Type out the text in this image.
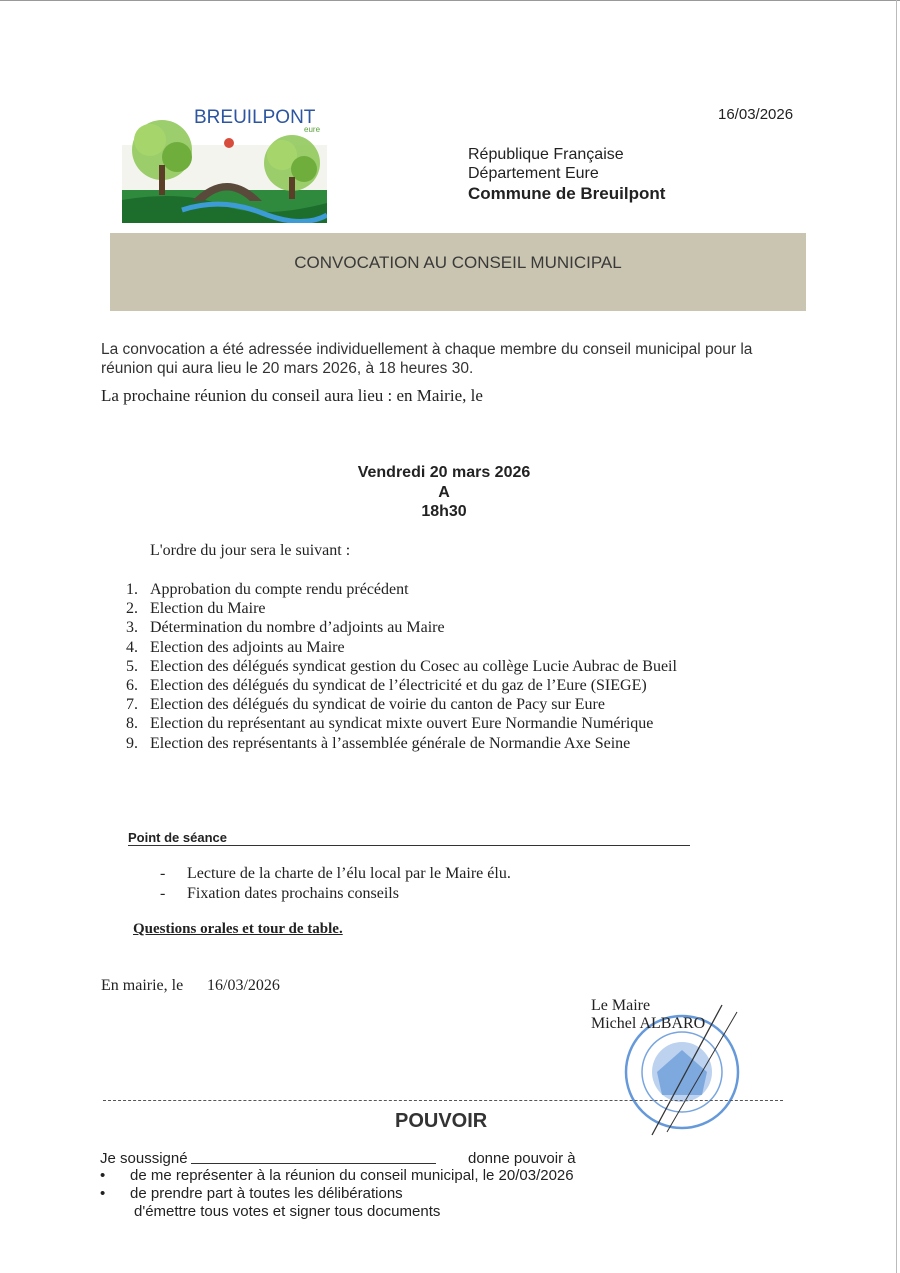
BREUILPONT
eure
16/03/2026
République Française
Département Eure
Commune de Breuilpont
CONVOCATION AU CONSEIL MUNICIPAL
La convocation a été adressée individuellement à chaque membre du conseil municipal pour la réunion qui aura lieu le 20 mars 2026, à 18 heures 30.
La prochaine réunion du conseil aura lieu : en Mairie, le
Vendredi 20 mars 2026
A
18h30
L'ordre du jour sera le suivant :
1. Approbation du compte rendu précédent
2. Election du Maire
3. Détermination du nombre d’adjoints au Maire
4. Election des adjoints au Maire
5. Election des délégués syndicat gestion du Cosec au collège Lucie Aubrac de Bueil
6. Election des délégués du syndicat de l’électricité et du gaz de l’Eure (SIEGE)
7. Election des délégués du syndicat de voirie du canton de Pacy sur Eure
8. Election du représentant au syndicat mixte ouvert Eure Normandie Numérique
9. Election des représentants à l’assemblée générale de Normandie Axe Seine
Point de séance
- Lecture de la charte de l’élu local par le Maire élu.
- Fixation dates prochains conseils
Questions orales et tour de table.
En mairie, le 16/03/2026
Le Maire
Michel ALBARO
POUVOIR
Je soussigné	donne pouvoir à
• de me représenter à la réunion du conseil municipal, le 20/03/2026
• de prendre part à toutes les délibérations
d'émettre tous votes et signer tous documents
